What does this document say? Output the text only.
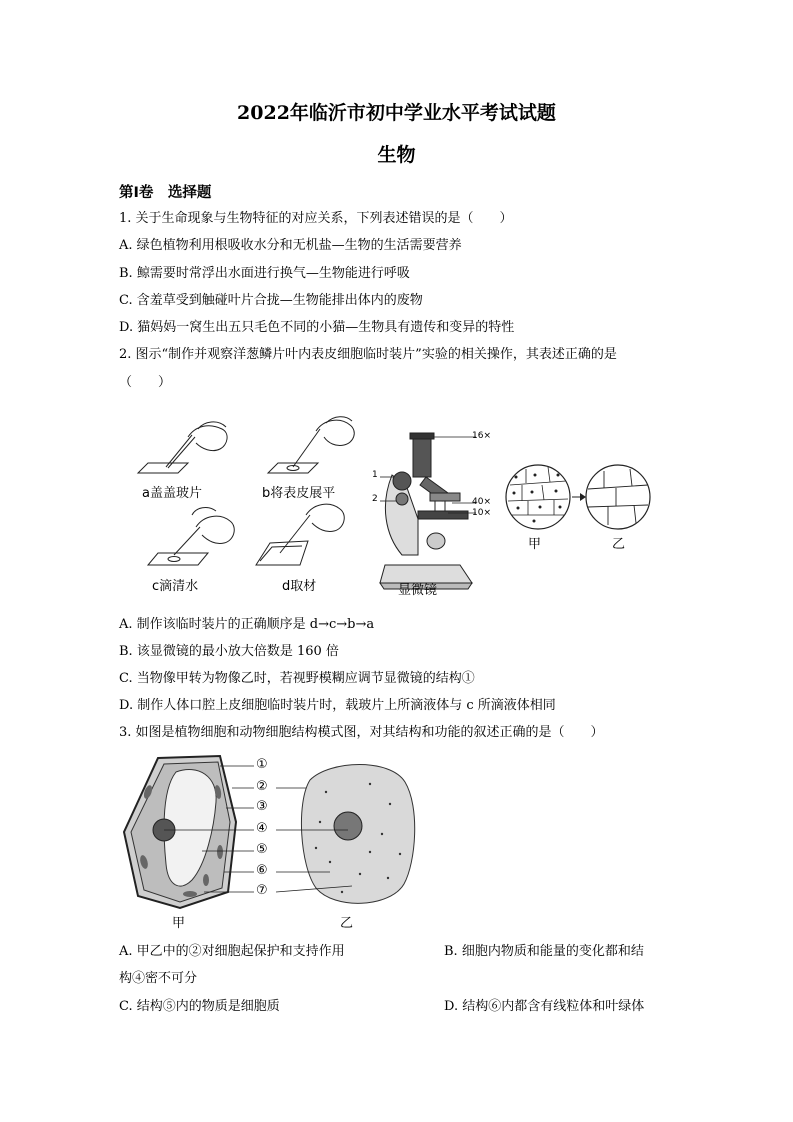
2022年临沂市初中学业水平考试试题
生物
第I卷　选择题
1. 关于生命现象与生物特征的对应关系，下列表述错误的是（　　）
A. 绿色植物利用根吸收水分和无机盐—生物的生活需要营养
B. 鲸需要时常浮出水面进行换气—生物能进行呼吸
C. 含羞草受到触碰叶片合拢—生物能排出体内的废物
D. 猫妈妈一窝生出五只毛色不同的小猫—生物具有遗传和变异的特性
2. 图示“制作并观察洋葱鳞片叶内表皮细胞临时装片”实验的相关操作，其表述正确的是
（　　）
a盖盖玻片	b将表皮展平
c滴清水	d取材	显微镜
16×
1
2	40×
10×
甲	乙
A. 制作该临时装片的正确顺序是 d→c→b→a
B. 该显微镜的最小放大倍数是 160 倍
C. 当物像甲转为物像乙时，若视野模糊应调节显微镜的结构①
D. 制作人体口腔上皮细胞临时装片时，载玻片上所滴液体与 c 所滴液体相同
3. 如图是植物细胞和动物细胞结构模式图，对其结构和功能的叙述正确的是（　　）
①
②
③
④
⑤
⑥
⑦
甲	乙
A. 甲乙中的②对细胞起保护和支持作用	B. 细胞内物质和能量的变化都和结
构④密不可分
C. 结构⑤内的物质是细胞质	D. 结构⑥内都含有线粒体和叶绿体
